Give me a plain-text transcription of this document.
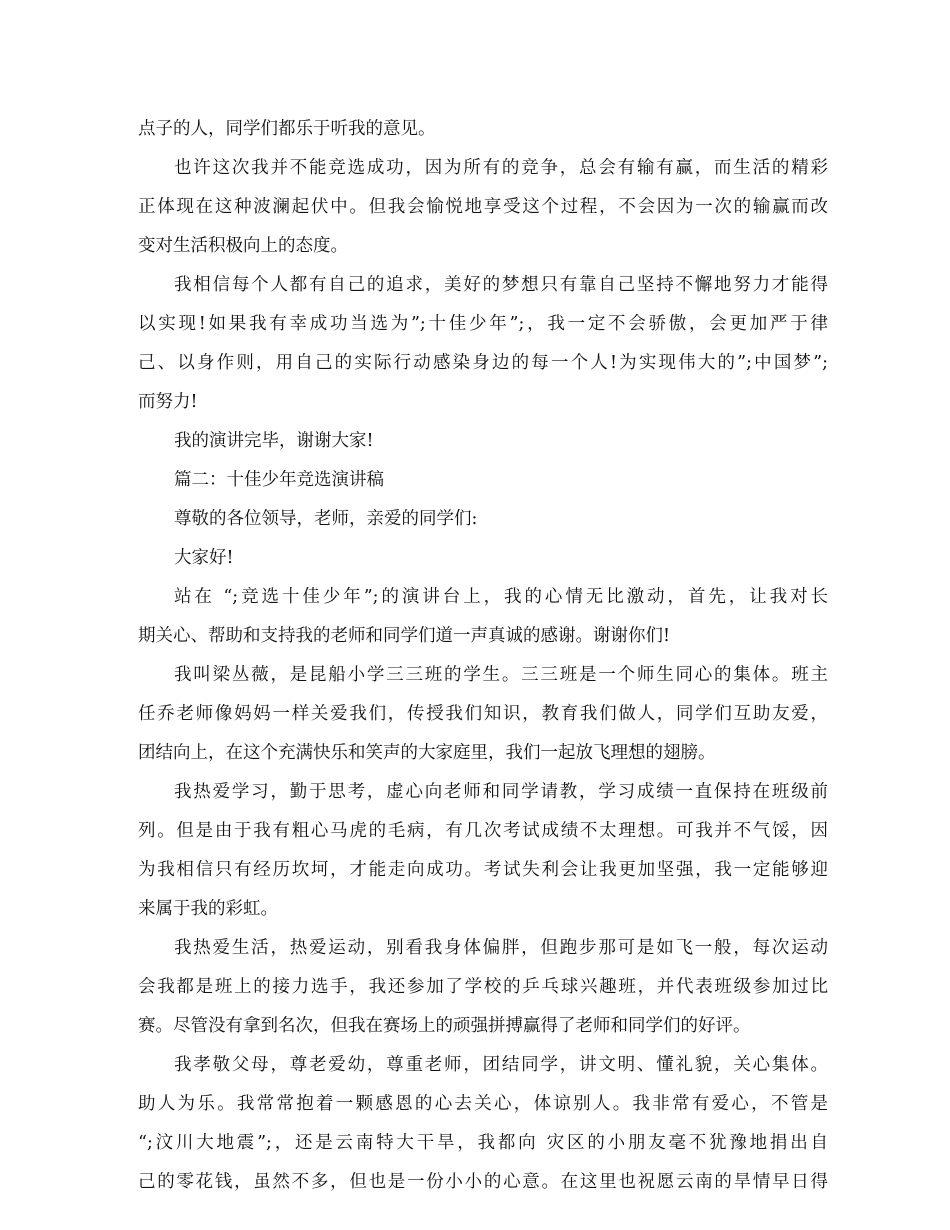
点子的人，同学们都乐于听我的意见。
也许这次我并不能竞选成功，因为所有的竞争，总会有输有赢，而生活的精彩
正体现在这种波澜起伏中。但我会愉悦地享受这个过程，不会因为一次的输赢而改
变对生活积极向上的态度。
我相信每个人都有自己的追求，美好的梦想只有靠自己坚持不懈地努力才能得
以实现!如果我有幸成功当选为”;十佳少年”;，我一定不会骄傲，会更加严于律
己、以身作则，用自己的实际行动感染身边的每一个人!为实现伟大的”;中国梦”;
而努力!
我的演讲完毕，谢谢大家!
篇二：十佳少年竞选演讲稿
尊敬的各位领导，老师，亲爱的同学们:
大家好!
站在 “;竞选十佳少年”;的演讲台上，我的心情无比激动，首先，让我对长
期关心、帮助和支持我的老师和同学们道一声真诚的感谢。谢谢你们!
我叫梁丛薇，是昆船小学三三班的学生。三三班是一个师生同心的集体。班主
任乔老师像妈妈一样关爱我们，传授我们知识，教育我们做人，同学们互助友爱，
团结向上，在这个充满快乐和笑声的大家庭里，我们一起放飞理想的翅膀。
我热爱学习，勤于思考，虚心向老师和同学请教，学习成绩一直保持在班级前
列。但是由于我有粗心马虎的毛病，有几次考试成绩不太理想。可我并不气馁，因
为我相信只有经历坎坷，才能走向成功。考试失利会让我更加坚强，我一定能够迎
来属于我的彩虹。
我热爱生活，热爱运动，别看我身体偏胖，但跑步那可是如飞一般，每次运动
会我都是班上的接力选手，我还参加了学校的乒乓球兴趣班，并代表班级参加过比
赛。尽管没有拿到名次，但我在赛场上的顽强拼搏赢得了老师和同学们的好评。
我孝敬父母，尊老爱幼，尊重老师，团结同学，讲文明、懂礼貌，关心集体。
助人为乐。我常常抱着一颗感恩的心去关心，体谅别人。我非常有爱心，不管是
“;汶川大地震”;，还是云南特大干旱，我都向 灾区的小朋友毫不犹豫地捐出自
己的零花钱，虽然不多，但也是一份小小的心意。在这里也祝愿云南的旱情早日得
